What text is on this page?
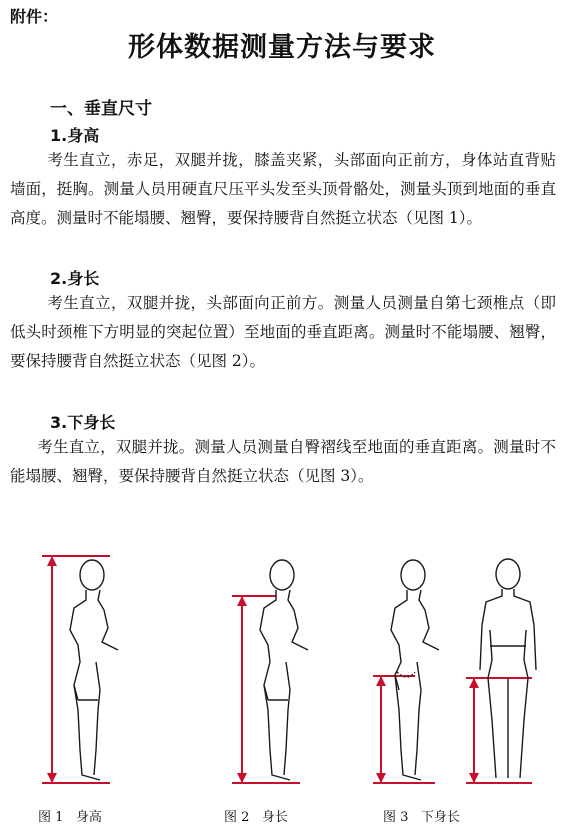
附件：
形体数据测量方法与要求
一、垂直尺寸
1.身高

考生直立，赤足，双腿并拢，膝盖夹紧，头部面向正前方，身体站直背贴墙面，挺胸。测量人员用硬直尺压平头发至头顶骨骼处，测量头顶到地面的垂直高度。测量时不能塌腰、翘臀，要保持腰背自然挺立状态（见图 1）。

2.身长

考生直立，双腿并拢，头部面向正前方。测量人员测量自第七颈椎点（即低头时颈椎下方明显的突起位置）至地面的垂直距离。测量时不能塌腰、翘臀，要保持腰背自然挺立状态（见图 2）。

3.下身长

考生直立，双腿并拢。测量人员测量自臀褶线至地面的垂直距离。测量时不能塌腰、翘臀，要保持腰背自然挺立状态（见图 3）。

图 1 身高	图 2 身长	图 3 下身长
